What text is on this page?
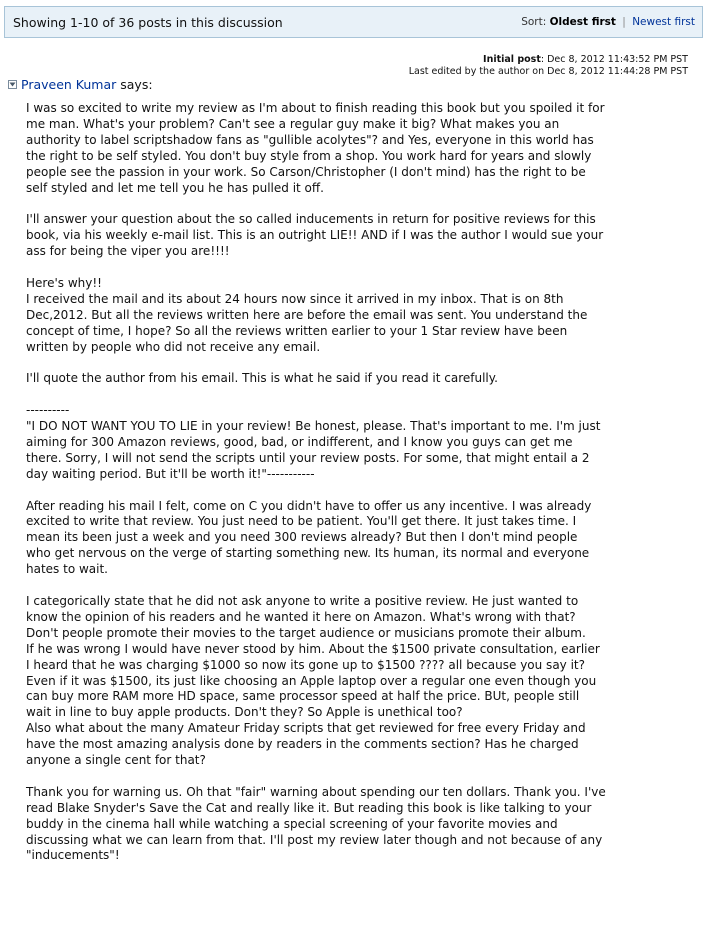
Showing 1-10 of 36 posts in this discussion	Sort: Oldest first | Newest first
Initial post: Dec 8, 2012 11:43:52 PM PST
Last edited by the author on Dec 8, 2012 11:44:28 PM PST
Praveen Kumar
says:

I was so excited to write my review as I'm about to finish reading this book but you spoiled it for me man. What's your problem? Can't see a regular guy make it big? What makes you an authority to label scriptshadow fans as "gullible acolytes"? and Yes, everyone in this world has the right to be self styled. You don't buy style from a shop. You work hard for years and slowly people see the passion in your work. So Carson/Christopher (I don't mind) has the right to be self styled and let me tell you he has pulled it off.

I'll answer your question about the so called inducements in return for positive reviews for this book, via his weekly e-mail list. This is an outright LIE!! AND if I was the author I would sue your ass for being the viper you are!!!!

Here's why!!

I received the mail and its about 24 hours now since it arrived in my inbox. That is on 8th Dec,2012. But all the reviews written here are before the email was sent. You understand the concept of time, I hope? So all the reviews written earlier to your 1 Star review have been written by people who did not receive any email.

I'll quote the author from his email. This is what he said if you read it carefully.

----------

"I DO NOT WANT YOU TO LIE in your review! Be honest, please. That's important to me. I'm just aiming for 300 Amazon reviews, good, bad, or indifferent, and I know you guys can get me there. Sorry, I will not send the scripts until your review posts. For some, that might entail a 2 day waiting period. But it'll be worth it!"-----------

After reading his mail I felt, come on C you didn't have to offer us any incentive. I was already excited to write that review. You just need to be patient. You'll get there. It just takes time. I mean its been just a week and you need 300 reviews already? But then I don't mind people who get nervous on the verge of starting something new. Its human, its normal and everyone hates to wait.

I categorically state that he did not ask anyone to write a positive review. He just wanted to know the opinion of his readers and he wanted it here on Amazon. What's wrong with that? Don't people promote their movies to the target audience or musicians promote their album.

If he was wrong I would have never stood by him. About the $1500 private consultation, earlier I heard that he was charging $1000 so now its gone up to $1500 ???? all because you say it? Even if it was $1500, its just like choosing an Apple laptop over a regular one even though you can buy more RAM more HD space, same processor speed at half the price. BUt, people still wait in line to buy apple products. Don't they? So Apple is unethical too?

Also what about the many Amateur Friday scripts that get reviewed for free every Friday and have the most amazing analysis done by readers in the comments section? Has he charged anyone a single cent for that?

Thank you for warning us. Oh that "fair" warning about spending our ten dollars. Thank you. I've read Blake Snyder's Save the Cat and really like it. But reading this book is like talking to your buddy in the cinema hall while watching a special screening of your favorite movies and discussing what we can learn from that. I'll post my review later though and not because of any "inducements"!
